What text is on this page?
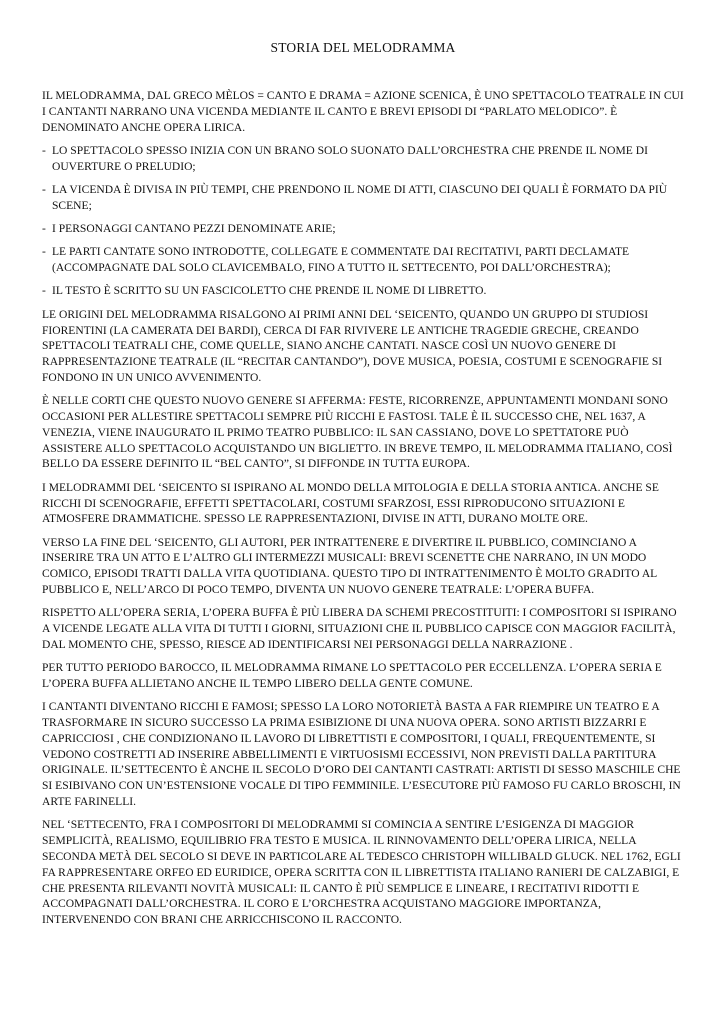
STORIA DEL MELODRAMMA

IL MELODRAMMA, DAL GRECO MÈLOS = CANTO E DRAMA = AZIONE SCENICA, È UNO SPETTACOLO TEATRALE IN CUI I CANTANTI NARRANO UNA VICENDA MEDIANTE IL CANTO E BREVI EPISODI DI “PARLATO MELODICO”. È DENOMINATO ANCHE OPERA LIRICA.

- LO SPETTACOLO SPESSO INIZIA CON UN BRANO SOLO SUONATO DALL’ORCHESTRA CHE PRENDE IL NOME DI OUVERTURE O PRELUDIO;
- LA VICENDA È DIVISA IN PIÙ TEMPI, CHE PRENDONO IL NOME DI ATTI, CIASCUNO DEI QUALI È FORMATO DA PIÙ SCENE;
- I PERSONAGGI CANTANO PEZZI DENOMINATE ARIE;
- LE PARTI CANTATE SONO INTRODOTTE, COLLEGATE E COMMENTATE DAI RECITATIVI, PARTI DECLAMATE (ACCOMPAGNATE DAL SOLO CLAVICEMBALO, FINO A TUTTO IL SETTECENTO, POI DALL’ORCHESTRA);
- IL TESTO È SCRITTO SU UN FASCICOLETTO CHE PRENDE IL NOME DI LIBRETTO.

LE ORIGINI DEL MELODRAMMA RISALGONO AI PRIMI ANNI DEL ‘SEICENTO, QUANDO UN GRUPPO DI STUDIOSI FIORENTINI (LA CAMERATA DEI BARDI), CERCA DI FAR RIVIVERE LE ANTICHE TRAGEDIE GRECHE, CREANDO SPETTACOLI TEATRALI CHE, COME QUELLE, SIANO ANCHE CANTATI. NASCE COSÌ UN NUOVO GENERE DI RAPPRESENTAZIONE TEATRALE (IL “RECITAR CANTANDO”), DOVE MUSICA, POESIA, COSTUMI E SCENOGRAFIE SI FONDONO IN UN UNICO AVVENIMENTO.

È NELLE CORTI CHE QUESTO NUOVO GENERE SI AFFERMA: FESTE, RICORRENZE, APPUNTAMENTI MONDANI SONO OCCASIONI PER ALLESTIRE SPETTACOLI SEMPRE PIÙ RICCHI E FASTOSI. TALE È IL SUCCESSO CHE, NEL 1637, A VENEZIA, VIENE INAUGURATO IL PRIMO TEATRO PUBBLICO: IL SAN CASSIANO, DOVE LO SPETTATORE PUÒ ASSISTERE ALLO SPETTACOLO ACQUISTANDO UN BIGLIETTO. IN BREVE TEMPO, IL MELODRAMMA ITALIANO, COSÌ BELLO DA ESSERE DEFINITO IL “BEL CANTO”, SI DIFFONDE IN TUTTA EUROPA.

I MELODRAMMI DEL ‘SEICENTO SI ISPIRANO AL MONDO DELLA MITOLOGIA E DELLA STORIA ANTICA. ANCHE SE RICCHI DI SCENOGRAFIE, EFFETTI SPETTACOLARI, COSTUMI SFARZOSI, ESSI RIPRODUCONO SITUAZIONI E ATMOSFERE DRAMMATICHE. SPESSO LE RAPPRESENTAZIONI, DIVISE IN ATTI, DURANO MOLTE ORE.

VERSO LA FINE DEL ‘SEICENTO, GLI AUTORI, PER INTRATTENERE E DIVERTIRE IL PUBBLICO, COMINCIANO A INSERIRE TRA UN ATTO E L’ALTRO GLI INTERMEZZI MUSICALI: BREVI SCENETTE CHE NARRANO, IN UN MODO COMICO, EPISODI TRATTI DALLA VITA QUOTIDIANA. QUESTO TIPO DI INTRATTENIMENTO È MOLTO GRADITO AL PUBBLICO E, NELL’ARCO DI POCO TEMPO, DIVENTA UN NUOVO GENERE TEATRALE: L’OPERA BUFFA.

RISPETTO ALL’OPERA SERIA, L’OPERA BUFFA È PIÙ LIBERA DA SCHEMI PRECOSTITUITI: I COMPOSITORI SI ISPIRANO A VICENDE LEGATE ALLA VITA DI TUTTI I GIORNI, SITUAZIONI CHE IL PUBBLICO CAPISCE CON MAGGIOR FACILITÀ, DAL MOMENTO CHE, SPESSO, RIESCE AD IDENTIFICARSI NEI PERSONAGGI DELLA NARRAZIONE .

PER TUTTO PERIODO BAROCCO, IL MELODRAMMA RIMANE LO SPETTACOLO PER ECCELLENZA. L’OPERA SERIA E L’OPERA BUFFA ALLIETANO ANCHE IL TEMPO LIBERO DELLA GENTE COMUNE.

I CANTANTI DIVENTANO RICCHI E FAMOSI; SPESSO LA LORO NOTORIETÀ BASTA A FAR RIEMPIRE UN TEATRO E A TRASFORMARE IN SICURO SUCCESSO LA PRIMA ESIBIZIONE DI UNA NUOVA OPERA. SONO ARTISTI BIZZARRI E CAPRICCIOSI , CHE CONDIZIONANO IL LAVORO DI LIBRETTISTI E COMPOSITORI, I QUALI, FREQUENTEMENTE, SI VEDONO COSTRETTI AD INSERIRE ABBELLIMENTI E VIRTUOSISMI ECCESSIVI, NON PREVISTI DALLA PARTITURA ORIGINALE. IL’SETTECENTO È ANCHE IL SECOLO D’ORO DEI CANTANTI CASTRATI: ARTISTI DI SESSO MASCHILE CHE SI ESIBIVANO CON UN’ESTENSIONE VOCALE DI TIPO FEMMINILE. L’ESECUTORE PIÙ FAMOSO FU CARLO BROSCHI, IN ARTE FARINELLI.

NEL ‘SETTECENTO, FRA I COMPOSITORI DI MELODRAMMI SI COMINCIA A SENTIRE L’ESIGENZA DI MAGGIOR SEMPLICITÀ, REALISMO, EQUILIBRIO FRA TESTO E MUSICA. IL RINNOVAMENTO DELL’OPERA LIRICA, NELLA SECONDA METÀ DEL SECOLO SI DEVE IN PARTICOLARE AL TEDESCO CHRISTOPH WILLIBALD GLUCK. NEL 1762, EGLI FA RAPPRESENTARE ORFEO ED EURIDICE, OPERA SCRITTA CON IL LIBRETTISTA ITALIANO RANIERI DE CALZABIGI, E CHE PRESENTA RILEVANTI NOVITÀ MUSICALI: IL CANTO È PIÙ SEMPLICE E LINEARE, I RECITATIVI RIDOTTI E ACCOMPAGNATI DALL’ORCHESTRA. IL CORO E L’ORCHESTRA ACQUISTANO MAGGIORE IMPORTANZA, INTERVENENDO CON BRANI CHE ARRICCHISCONO IL RACCONTO.
